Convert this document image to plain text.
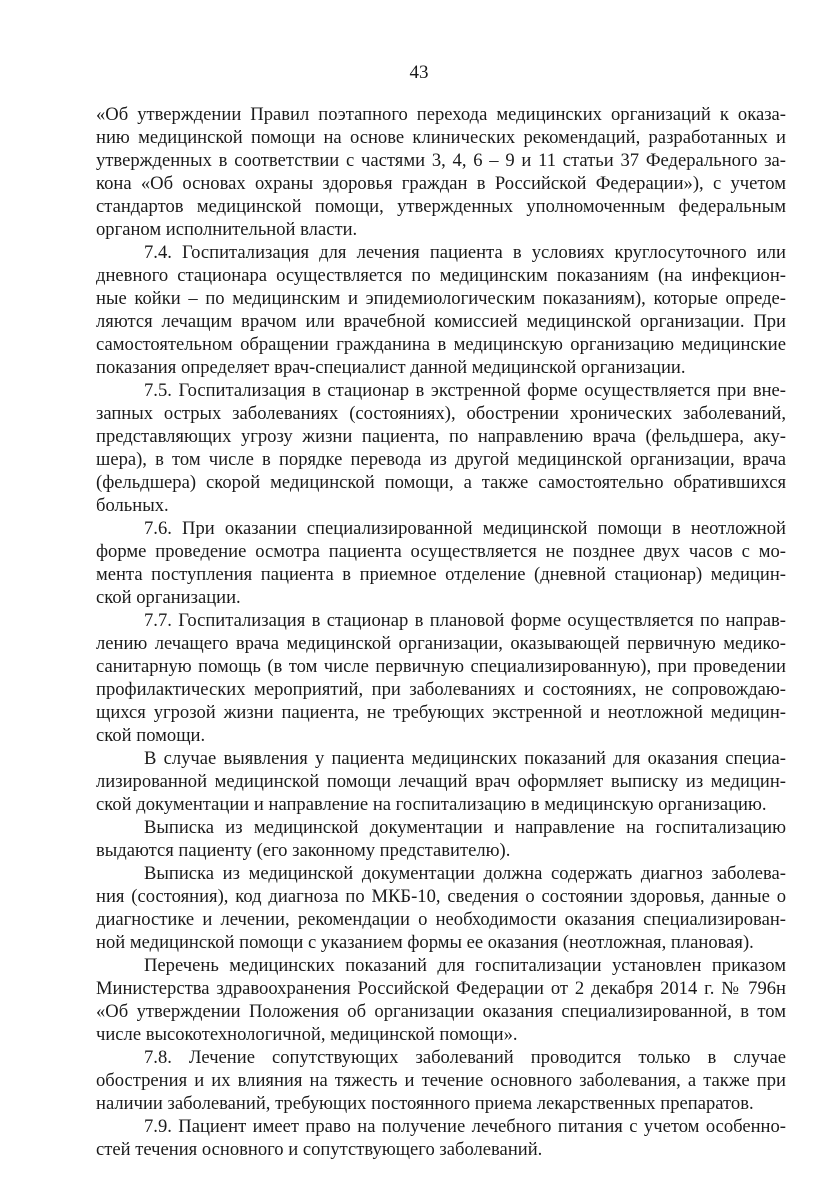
43
«Об утверждении Правил поэтапного перехода медицинских организаций к оказа-
нию медицинской помощи на основе клинических рекомендаций, разработанных и
утвержденных в соответствии с частями 3, 4, 6 – 9 и 11 статьи 37 Федерального за-
кона «Об основах охраны здоровья граждан в Российской Федерации»), с учетом
стандартов медицинской помощи, утвержденных уполномоченным федеральным
органом исполнительной власти.
7.4. Госпитализация для лечения пациента в условиях круглосуточного или
дневного стационара осуществляется по медицинским показаниям (на инфекцион-
ные койки – по медицинским и эпидемиологическим показаниям), которые опреде-
ляются лечащим врачом или врачебной комиссией медицинской организации. При
самостоятельном обращении гражданина в медицинскую организацию медицинские
показания определяет врач-специалист данной медицинской организации.
7.5. Госпитализация в стационар в экстренной форме осуществляется при вне-
запных острых заболеваниях (состояниях), обострении хронических заболеваний,
представляющих угрозу жизни пациента, по направлению врача (фельдшера, аку-
шера), в том числе в порядке перевода из другой медицинской организации, врача
(фельдшера) скорой медицинской помощи, а также самостоятельно обратившихся
больных.
7.6. При оказании специализированной медицинской помощи в неотложной
форме проведение осмотра пациента осуществляется не позднее двух часов с мо-
мента поступления пациента в приемное отделение (дневной стационар) медицин-
ской организации.
7.7. Госпитализация в стационар в плановой форме осуществляется по направ-
лению лечащего врача медицинской организации, оказывающей первичную медико-
санитарную помощь (в том числе первичную специализированную), при проведении
профилактических мероприятий, при заболеваниях и состояниях, не сопровождаю-
щихся угрозой жизни пациента, не требующих экстренной и неотложной медицин-
ской помощи.
В случае выявления у пациента медицинских показаний для оказания специа-
лизированной медицинской помощи лечащий врач оформляет выписку из медицин-
ской документации и направление на госпитализацию в медицинскую организацию.
Выписка из медицинской документации и направление на госпитализацию
выдаются пациенту (его законному представителю).
Выписка из медицинской документации должна содержать диагноз заболева-
ния (состояния), код диагноза по МКБ-10, сведения о состоянии здоровья, данные о
диагностике и лечении, рекомендации о необходимости оказания специализирован-
ной медицинской помощи с указанием формы ее оказания (неотложная, плановая).
Перечень медицинских показаний для госпитализации установлен приказом
Министерства здравоохранения Российской Федерации от 2 декабря 2014 г. № 796н
«Об утверждении Положения об организации оказания специализированной, в том
числе высокотехнологичной, медицинской помощи».
7.8. Лечение сопутствующих заболеваний проводится только в случае
обострения и их влияния на тяжесть и течение основного заболевания, а также при
наличии заболеваний, требующих постоянного приема лекарственных препаратов.
7.9. Пациент имеет право на получение лечебного питания с учетом особенно-
стей течения основного и сопутствующего заболеваний.
